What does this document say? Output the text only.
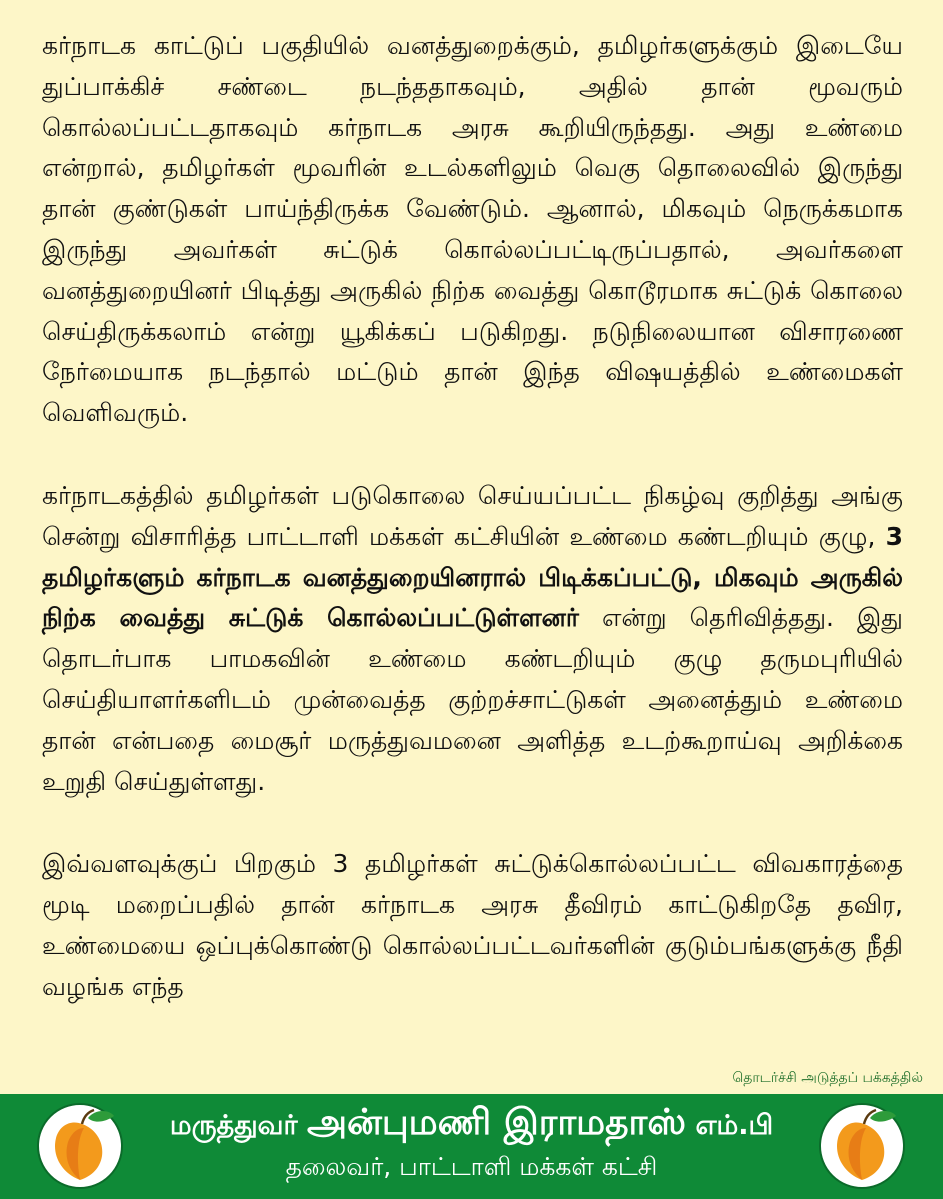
கர்நாடக காட்டுப் பகுதியில் வனத்துறைக்கும், தமிழர்களுக்கும் இடையே துப்பாக்கிச் சண்டை நடந்ததாகவும், அதில் தான் மூவரும் கொல்லப்பட்டதாகவும் கர்நாடக அரசு கூறியிருந்தது. அது உண்மை என்றால், தமிழர்கள் மூவரின் உடல்களிலும் வெகு தொலைவில் இருந்து தான் குண்டுகள் பாய்ந்திருக்க வேண்டும். ஆனால், மிகவும் நெருக்கமாக இருந்து அவர்கள் சுட்டுக் கொல்லப்பட்டிருப்பதால், அவர்களை வனத்துறையினர் பிடித்து அருகில் நிற்க வைத்து கொடூரமாக சுட்டுக் கொலை செய்திருக்கலாம் என்று யூகிக்கப் படுகிறது. நடுநிலையான விசாரணை நேர்மையாக நடந்தால் மட்டும் தான் இந்த விஷயத்தில் உண்மைகள் வெளிவரும்.

கர்நாடகத்தில் தமிழர்கள் படுகொலை செய்யப்பட்ட நிகழ்வு குறித்து அங்கு சென்று விசாரித்த பாட்டாளி மக்கள் கட்சியின் உண்மை கண்டறியும் குழு, 3 தமிழர்களும் கர்நாடக வனத்துறையினரால் பிடிக்கப்பட்டு, மிகவும் அருகில் நிற்க வைத்து சுட்டுக் கொல்லப்பட்டுள்ளனர் என்று தெரிவித்தது. இது தொடர்பாக பாமகவின் உண்மை கண்டறியும் குழு தருமபுரியில் செய்தியாளர்களிடம் முன்வைத்த குற்றச்சாட்டுகள் அனைத்தும் உண்மை தான் என்பதை மைசூர் மருத்துவமனை அளித்த உடற்கூறாய்வு அறிக்கை உறுதி செய்துள்ளது.

இவ்வளவுக்குப் பிறகும் 3 தமிழர்கள் சுட்டுக்கொல்லப்பட்ட விவகாரத்தை மூடி மறைப்பதில் தான் கர்நாடக அரசு தீவிரம் காட்டுகிறதே தவிர, உண்மையை ஒப்புக்கொண்டு கொல்லப்பட்டவர்களின் குடும்பங்களுக்கு நீதி வழங்க எந்த

தொடர்ச்சி அடுத்தப் பக்கத்தில்
மருத்துவர் அன்புமணி இராமதாஸ் எம்.பி
தலைவர், பாட்டாளி மக்கள் கட்சி
